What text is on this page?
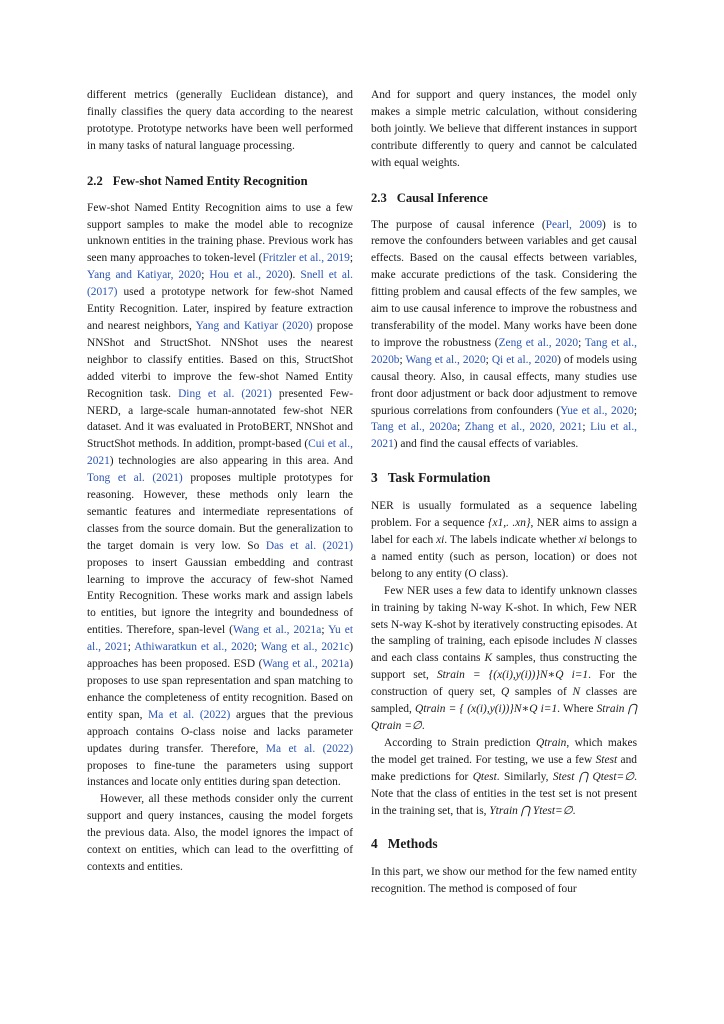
different metrics (generally Euclidean distance), and finally classifies the query data according to the nearest prototype. Prototype networks have been well performed in many tasks of natural language processing.

2.2 Few-shot Named Entity Recognition

Few-shot Named Entity Recognition aims to use a few support samples to make the model able to recognize unknown entities in the training phase. Previous work has seen many approaches to token-level (Fritzler et al., 2019; Yang and Katiyar, 2020; Hou et al., 2020). Snell et al. (2017) used a prototype network for few-shot Named Entity Recognition. Later, inspired by feature extraction and nearest neighbors, Yang and Katiyar (2020) propose NNShot and StructShot. NNShot uses the nearest neighbor to classify entities. Based on this, StructShot added viterbi to improve the few-shot Named Entity Recognition task. Ding et al. (2021) presented Few-NERD, a large-scale human-annotated few-shot NER dataset. And it was evaluated in ProtoBERT, NNShot and StructShot methods. In addition, prompt-based (Cui et al., 2021) technologies are also appearing in this area. And Tong et al. (2021) proposes multiple prototypes for reasoning. However, these methods only learn the semantic features and intermediate representations of classes from the source domain. But the generalization to the target domain is very low. So Das et al. (2021) proposes to insert Gaussian embedding and contrast learning to improve the accuracy of few-shot Named Entity Recognition. These works mark and assign labels to entities, but ignore the integrity and boundedness of entities. Therefore, span-level (Wang et al., 2021a; Yu et al., 2021; Athiwaratkun et al., 2020; Wang et al., 2021c) approaches has been proposed. ESD (Wang et al., 2021a) proposes to use span representation and span matching to enhance the completeness of entity recognition. Based on entity span, Ma et al. (2022) argues that the previous approach contains O-class noise and lacks parameter updates during transfer. Therefore, Ma et al. (2022) proposes to fine-tune the parameters using support instances and locate only entities during span detection.

However, all these methods consider only the current support and query instances, causing the model forgets the previous data. Also, the model ignores the impact of context on entities, which can lead to the overfitting of contexts and entities.

And for support and query instances, the model only makes a simple metric calculation, without considering both jointly. We believe that different instances in support contribute differently to query and cannot be calculated with equal weights.

2.3 Causal Inference

The purpose of causal inference (Pearl, 2009) is to remove the confounders between variables and get causal effects. Based on the causal effects between variables, make accurate predictions of the task. Considering the fitting problem and causal effects of the few samples, we aim to use causal inference to improve the robustness and transferability of the model. Many works have been done to improve the robustness (Zeng et al., 2020; Tang et al., 2020b; Wang et al., 2020; Qi et al., 2020) of models using causal theory. Also, in causal effects, many studies use front door adjustment or back door adjustment to remove spurious correlations from confounders (Yue et al., 2020; Tang et al., 2020a; Zhang et al., 2020, 2021; Liu et al., 2021) and find the causal effects of variables.

3 Task Formulation

NER is usually formulated as a sequence labeling problem. For a sequence {x1,. .xn}, NER aims to assign a label for each xi. The labels indicate whether xi belongs to a named entity (such as person, location) or does not belong to any entity (O class).

Few NER uses a few data to identify unknown classes in training by taking N-way K-shot. In which, Few NER sets N-way K-shot by iteratively constructing episodes. At the sampling of training, each episode includes N classes and each class contains K samples, thus constructing the support set, Strain = {(x(i),y(i))}N∗Q i=1. For the construction of query set, Q samples of N classes are sampled, Qtrain = { (x(i),y(i))}N∗Q i=1. Where Strain ⋂ Qtrain =∅.

According to Strain prediction Qtrain, which makes the model get trained. For testing, we use a few Stest and make predictions for Qtest. Similarly, Stest ⋂ Qtest=∅. Note that the class of entities in the test set is not present in the training set, that is, Ytrain ⋂ Ytest=∅.

4 Methods

In this part, we show our method for the few named entity recognition. The method is composed of four
